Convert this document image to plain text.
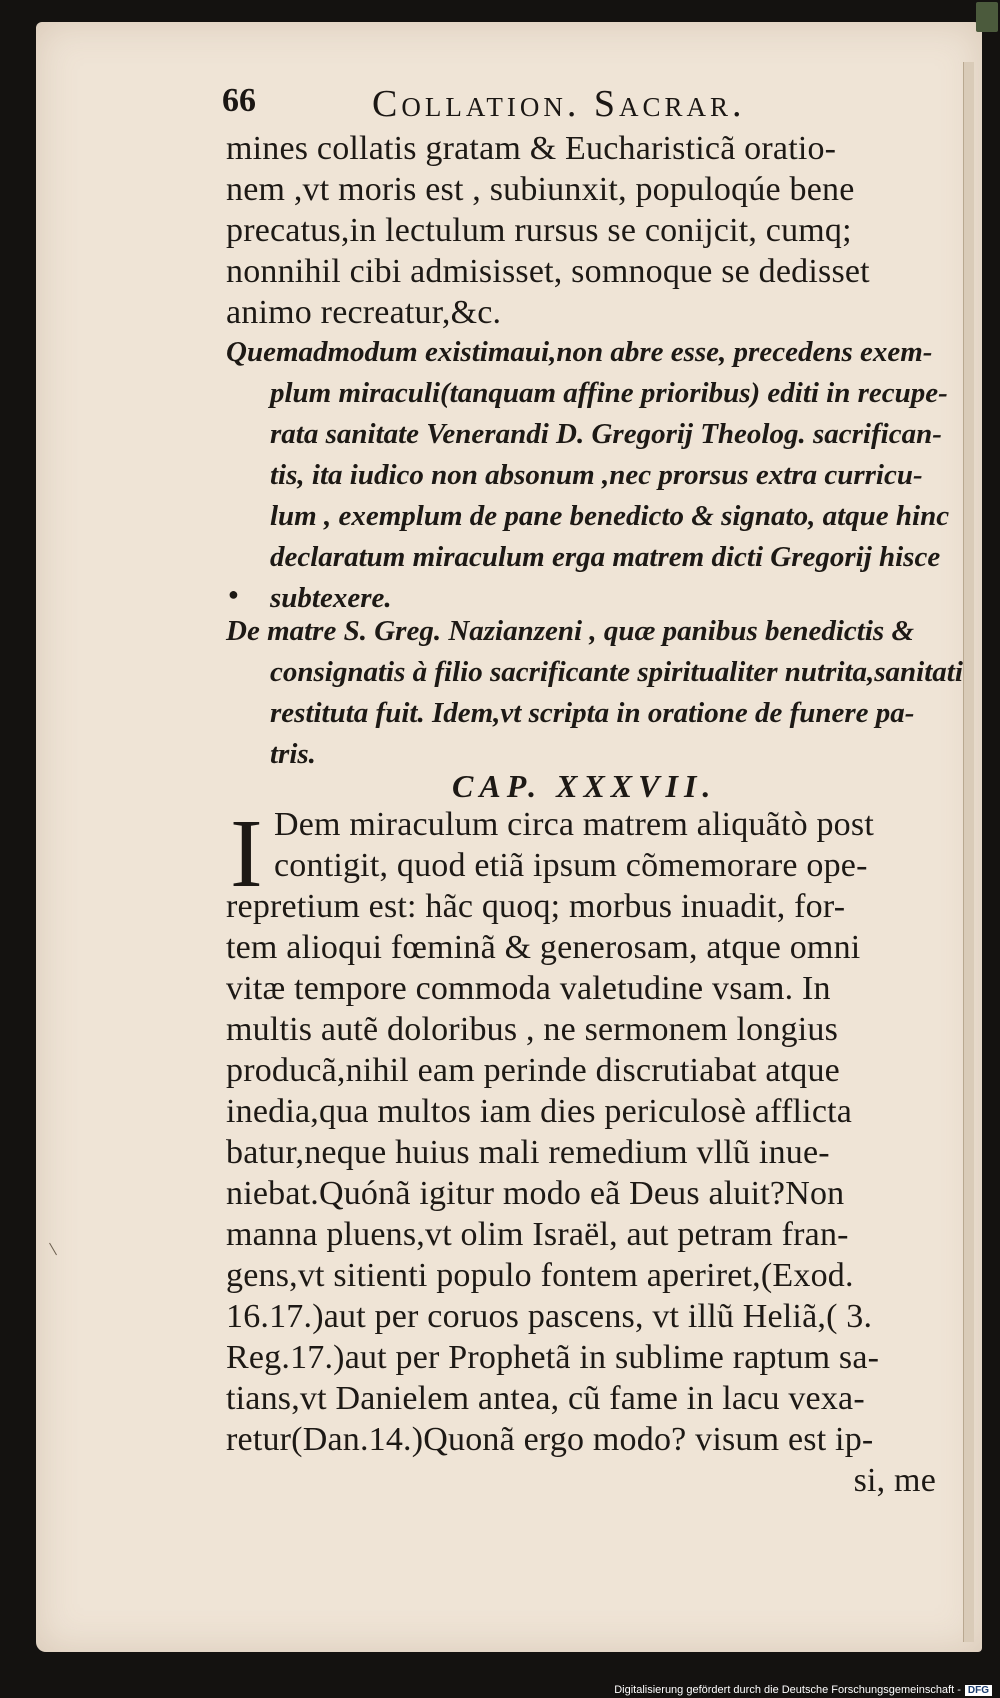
Collation. Sacrar.
66
mines collatis gratam & Eucharisticã oratio-
nem ,vt moris est , subiunxit, populoqúe bene
precatus,in lectulum rursus se conijcit, cumq;
nonnihil cibi admisisset, somnoque se dedisset
animo recreatur,&c.
Quemadmodum existimaui,non abre esse, precedens exem-
plum miraculi(tanquam affine prioribus) editi in recupe-
rata sanitate Venerandi D. Gregorij Theolog. sacrifican-
tis, ita iudico non absonum ,nec prorsus extra curricu-
lum , exemplum de pane benedicto & signato, atque hinc
declaratum miraculum erga matrem dicti Gregorij hisce
subtexere.
●
De matre S. Greg. Nazianzeni , quæ panibus benedictis &
consignatis à filio sacrificante spiritualiter nutrita,sanitati
restituta fuit. Idem,vt scripta in oratione de funere pa-
tris.
CAP. XXXVII.
I Dem miraculum circa matrem aliquãtò post
contigit, quod etiã ipsum cõmemorare ope-
repretium est: hãc quoq; morbus inuadit, for-
tem alioqui fœminã & generosam, atque omni
vitæ tempore commoda valetudine vsam. In
multis autẽ doloribus , ne sermonem longius
producã,nihil eam perinde discrutiabat atque
inedia,qua multos iam dies periculosè afflicta
batur,neque huius mali remedium vllũ inue-
niebat.Quónã igitur modo eã Deus aluit?Non
manna pluens,vt olim Israël, aut petram fran-
gens,vt sitienti populo fontem aperiret,(Exod.
16.17.)aut per coruos pascens, vt illũ Heliã,( 3.
Reg.17.)aut per Prophetã in sublime raptum sa-
tians,vt Danielem antea, cũ fame in lacu vexa-
retur(Dan.14.)Quonã ergo modo? visum est ip-
si, me
Digitalisierung gefördert durch die Deutsche Forschungsgemeinschaft - DFG
